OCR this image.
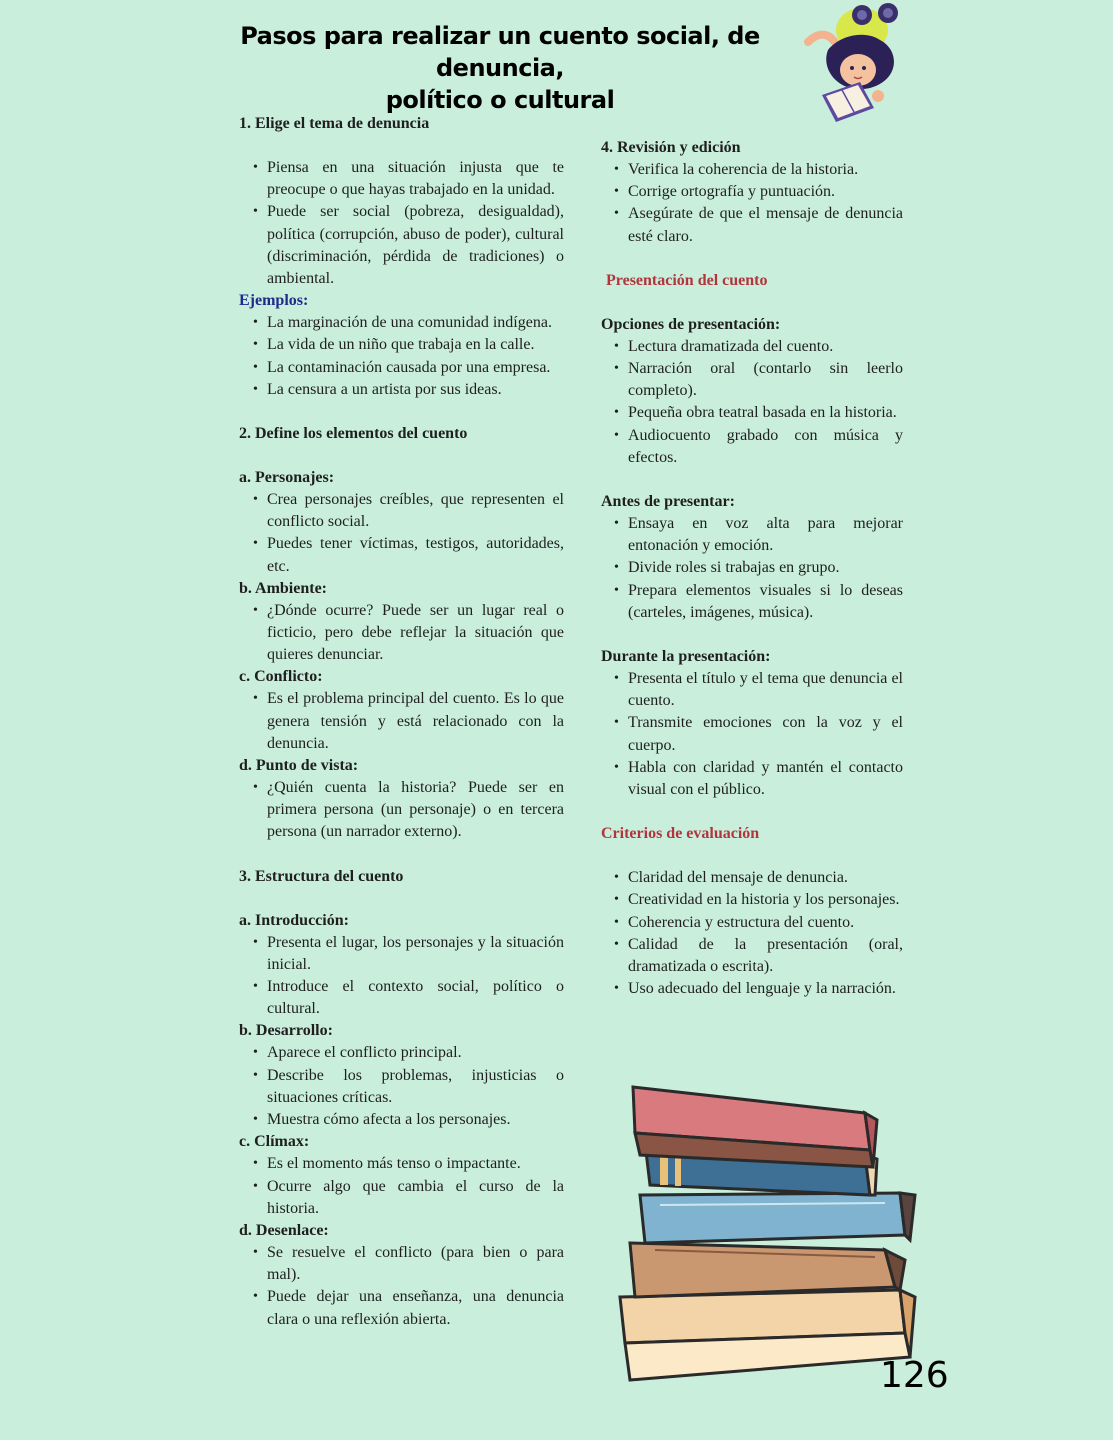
Pasos para realizar un cuento social, de denuncia,
político o cultural

1. Elige el tema de denuncia

• Piensa en una situación injusta que te preocupe o que hayas trabajado en la unidad.
• Puede ser social (pobreza, desigualdad), política (corrupción, abuso de poder), cultural (discriminación, pérdida de tradiciones) o ambiental.

Ejemplos:

• La marginación de una comunidad indígena.
• La vida de un niño que trabaja en la calle.
• La contaminación causada por una empresa.
• La censura a un artista por sus ideas.

2. Define los elementos del cuento

a. Personajes:

• Crea personajes creíbles, que representen el conflicto social.
• Puedes tener víctimas, testigos, autoridades, etc.

b. Ambiente:

• ¿Dónde ocurre? Puede ser un lugar real o ficticio, pero debe reflejar la situación que quieres denunciar.

c. Conflicto:

• Es el problema principal del cuento. Es lo que genera tensión y está relacionado con la denuncia.

d. Punto de vista:

• ¿Quién cuenta la historia? Puede ser en primera persona (un personaje) o en tercera persona (un narrador externo).

3. Estructura del cuento

a. Introducción:

• Presenta el lugar, los personajes y la situación inicial.
• Introduce el contexto social, político o cultural.

b. Desarrollo:

• Aparece el conflicto principal.
• Describe los problemas, injusticias o situaciones críticas.
• Muestra cómo afecta a los personajes.

c. Clímax:

• Es el momento más tenso o impactante.
• Ocurre algo que cambia el curso de la historia.

d. Desenlace:

• Se resuelve el conflicto (para bien o para mal).
• Puede dejar una enseñanza, una denuncia clara o una reflexión abierta.

4. Revisión y edición

• Verifica la coherencia de la historia.
• Corrige ortografía y puntuación.
• Asegúrate de que el mensaje de denuncia esté claro.

Presentación del cuento

Opciones de presentación:

• Lectura dramatizada del cuento.
• Narración oral (contarlo sin leerlo completo).
• Pequeña obra teatral basada en la historia.
• Audiocuento grabado con música y efectos.

Antes de presentar:

• Ensaya en voz alta para mejorar entonación y emoción.
• Divide roles si trabajas en grupo.
• Prepara elementos visuales si lo deseas (carteles, imágenes, música).

Durante la presentación:

• Presenta el título y el tema que denuncia el cuento.
• Transmite emociones con la voz y el cuerpo.
• Habla con claridad y mantén el contacto visual con el público.

Criterios de evaluación

• Claridad del mensaje de denuncia.
• Creatividad en la historia y los personajes.
• Coherencia y estructura del cuento.
• Calidad de la presentación (oral, dramatizada o escrita).
• Uso adecuado del lenguaje y la narración.
126
